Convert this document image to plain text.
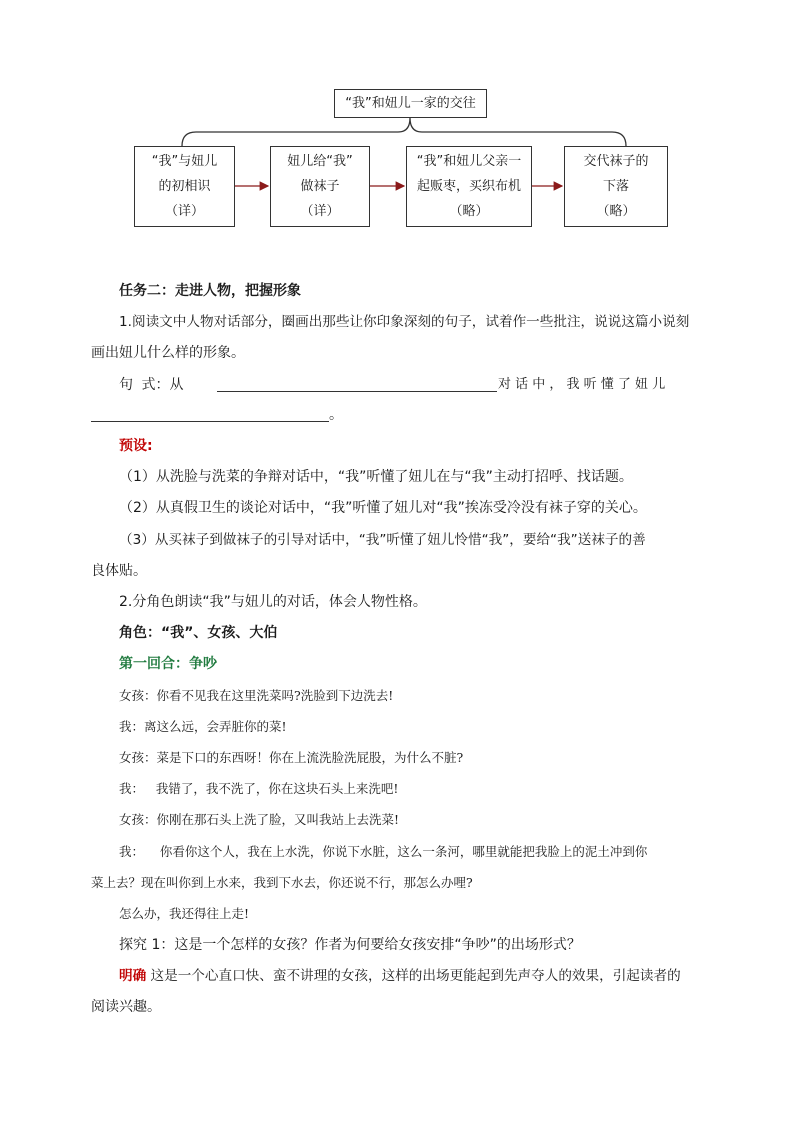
“我”和妞儿一家的交往
“我”与妞儿
的初相识
（详）
妞儿给“我”
做袜子
（详）
“我”和妞儿父亲一
起贩枣，买织布机
（略）
交代袜子的
下落
（略）
任务二：走进人物，把握形象
1.阅读文中人物对话部分，圈画出那些让你印象深刻的句子，试着作一些批注，说说这篇小说刻
画出妞儿什么样的形象。
句 式：从	对 话 中 ， 我 听 懂 了 妞 儿
。
预设:
（1）从洗脸与洗菜的争辩对话中，“我”听懂了妞儿在与“我”主动打招呼、找话题。
（2）从真假卫生的谈论对话中，“我”听懂了妞儿对“我”挨冻受冷没有袜子穿的关心。
（3）从买袜子到做袜子的引导对话中，“我”听懂了妞儿怜惜“我”，要给“我”送袜子的善
良体贴。
2.分角色朗读“我”与妞儿的对话，体会人物性格。
角色：“我”、女孩、大伯
第一回合：争吵
女孩：你看不见我在这里洗菜吗?洗脸到下边洗去!
我：离这么远，会弄脏你的菜!
女孩：菜是下口的东西呀！你在上流洗脸洗屁股，为什么不脏?
我：   我错了，我不洗了，你在这块石头上来洗吧!
女孩：你刚在那石头上洗了脸，又叫我站上去洗菜!
我：    你看你这个人，我在上水洗，你说下水脏，这么一条河，哪里就能把我脸上的泥土冲到你
菜上去？现在叫你到上水来，我到下水去，你还说不行，那怎么办哩?
怎么办，我还得往上走!
探究 1：这是一个怎样的女孩？作者为何要给女孩安排“争吵”的出场形式？
明确 这是一个心直口快、蛮不讲理的女孩，这样的出场更能起到先声夺人的效果，引起读者的
阅读兴趣。
